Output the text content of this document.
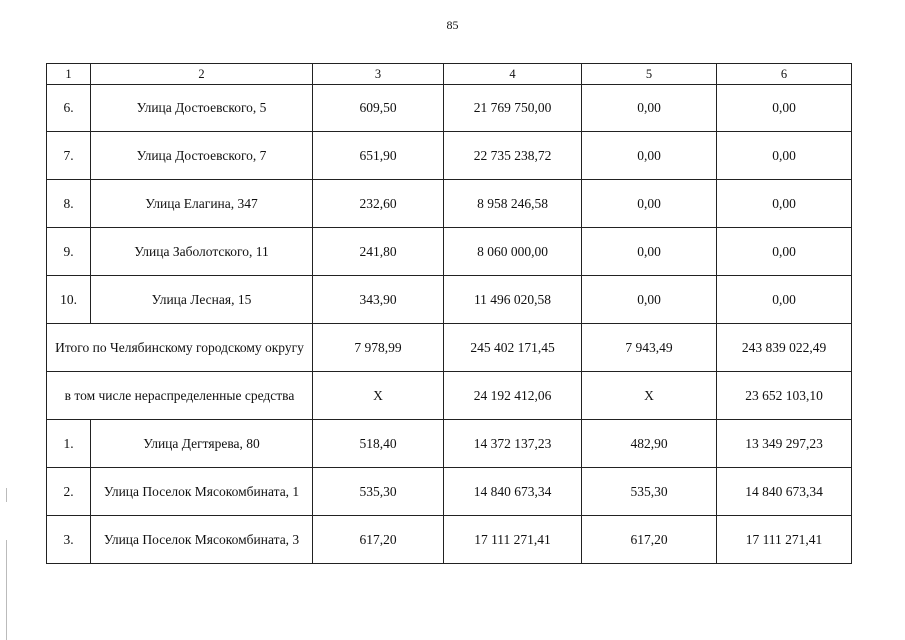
85
1	2	3	4	5	6
6.	Улица Достоевского, 5	609,50	21 769 750,00	0,00	0,00
7.	Улица Достоевского, 7	651,90	22 735 238,72	0,00	0,00
8.	Улица Елагина, 347	232,60	8 958 246,58	0,00	0,00
9.	Улица Заболотского, 11	241,80	8 060 000,00	0,00	0,00
10.	Улица Лесная, 15	343,90	11 496 020,58	0,00	0,00
Итого по Челябинскому городскому округу		7 978,99	245 402 171,45	7 943,49	243 839 022,49
в том числе нераспределенные средства		X	24 192 412,06	X	23 652 103,10
1.	Улица Дегтярева, 80	518,40	14 372 137,23	482,90	13 349 297,23
2.	Улица Поселок Мясокомбината, 1	535,30	14 840 673,34	535,30	14 840 673,34
3.	Улица Поселок Мясокомбината, 3	617,20	17 111 271,41	617,20	17 111 271,41
